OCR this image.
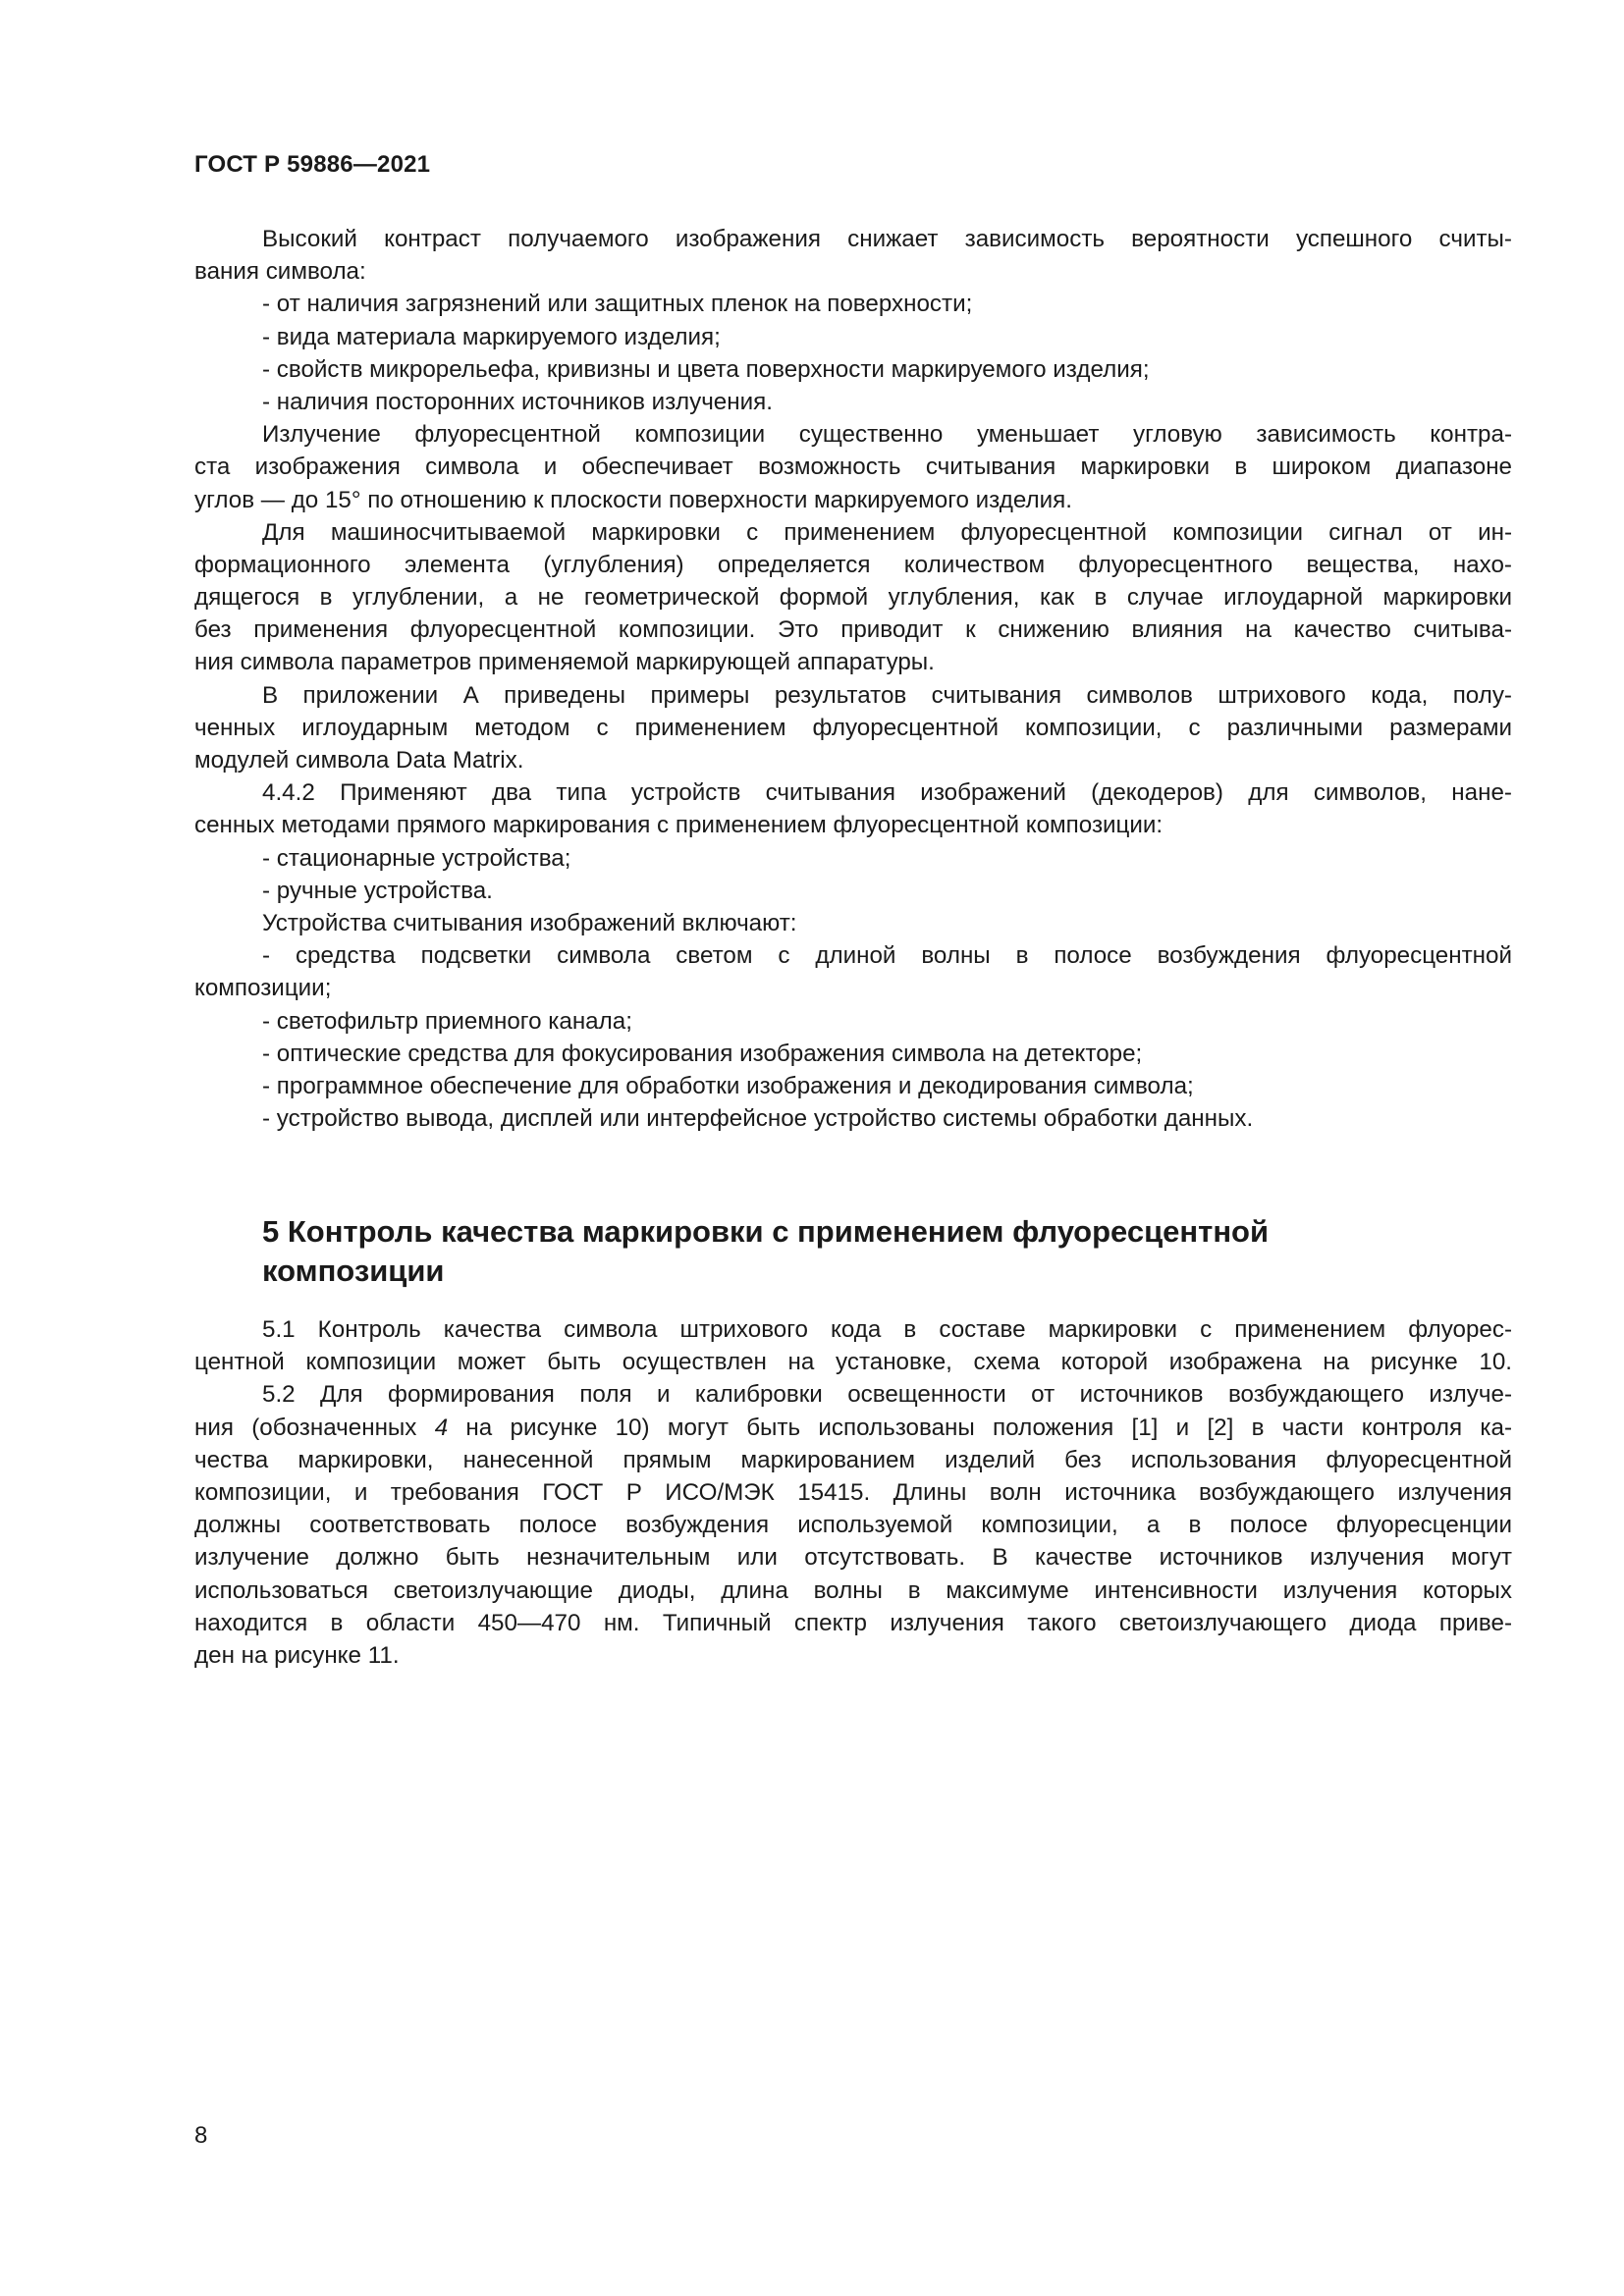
ГОСТ Р 59886—2021
Высокий контраст получаемого изображения снижает зависимость вероятности успешного считы-
вания символа:
- от наличия загрязнений или защитных пленок на поверхности;
- вида материала маркируемого изделия;
- свойств микрорельефа, кривизны и цвета поверхности маркируемого изделия;
- наличия посторонних источников излучения.
Излучение флуоресцентной композиции существенно уменьшает угловую зависимость контра-
ста изображения символа и обеспечивает возможность считывания маркировки в широком диапазоне
углов — до 15° по отношению к плоскости поверхности маркируемого изделия.
Для машиносчитываемой маркировки с применением флуоресцентной композиции сигнал от ин-
формационного элемента (углубления) определяется количеством флуоресцентного вещества, нахо-
дящегося в углублении, а не геометрической формой углубления, как в случае иглоударной маркировки
без применения флуоресцентной композиции. Это приводит к снижению влияния на качество считыва-
ния символа параметров применяемой маркирующей аппаратуры.
В приложении А приведены примеры результатов считывания символов штрихового кода, полу-
ченных иглоударным методом с применением флуоресцентной композиции, с различными размерами
модулей символа Data Matrix.
4.4.2 Применяют два типа устройств считывания изображений (декодеров) для символов, нане-
сенных методами прямого маркирования с применением флуоресцентной композиции:
- стационарные устройства;
- ручные устройства.
Устройства считывания изображений включают:
- средства подсветки символа светом с длиной волны в полосе возбуждения флуоресцентной
композиции;
- светофильтр приемного канала;
- оптические средства для фокусирования изображения символа на детекторе;
- программное обеспечение для обработки изображения и декодирования символа;
- устройство вывода, дисплей или интерфейсное устройство системы обработки данных.
5 Контроль качества маркировки с применением флуоресцентной
композиции
5.1 Контроль качества символа штрихового кода в составе маркировки с применением флуорес-
центной композиции может быть осуществлен на установке, схема которой изображена на рисунке 10.
5.2 Для формирования поля и калибровки освещенности от источников возбуждающего излуче-
ния (обозначенных 4 на рисунке 10) могут быть использованы положения [1] и [2] в части контроля ка-
чества маркировки, нанесенной прямым маркированием изделий без использования флуоресцентной
композиции, и требования ГОСТ Р ИСО/МЭК 15415. Длины волн источника возбуждающего излучения
должны соответствовать полосе возбуждения используемой композиции, а в полосе флуоресценции
излучение должно быть незначительным или отсутствовать. В качестве источников излучения могут
использоваться светоизлучающие диоды, длина волны в максимуме интенсивности излучения которых
находится в области 450—470 нм. Типичный спектр излучения такого светоизлучающего диода приве-
ден на рисунке 11.
8
